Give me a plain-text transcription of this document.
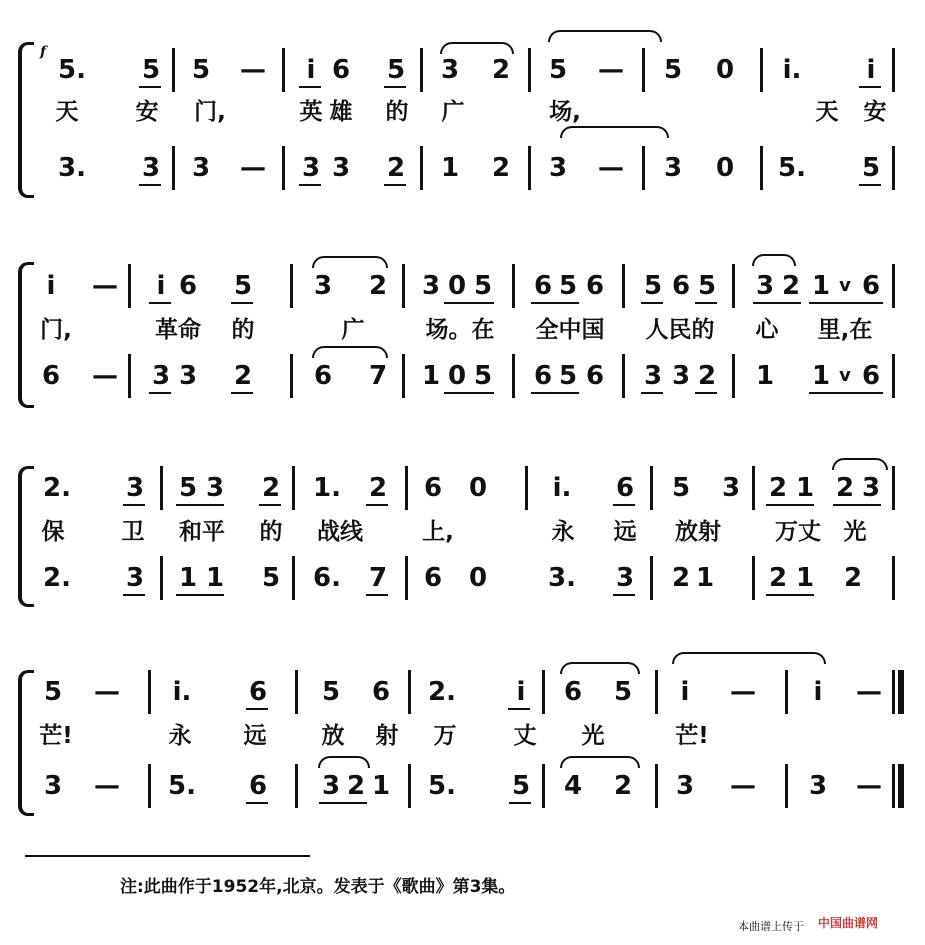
f
5. 5 5 —	i 6 5 3 2 5 — 5 0 i.	i
天 安 门,	英 雄 的 广	场,	天 安
3. 3 3 — 3 3 2 1 2 3 — 3 0 5. 5
i	—	i 6 5 3 2 3 0 5 6 5 6 5 6 5 3 2 1 v 6
门,	革命	的	广	场。在	全中国	人民的	心	里,在
6 — 3 3 2 6 7 1 0 5 6 5 6 3 3 2 1 1 v 6
2. 3 5 3 2 1. 2 6 0	i. 6 5 3 2 1 2 3
保 卫	和平	的	战线	上,	永 远	放射	万丈 光
2. 3 1 1 5 6. 7 6 0 3. 3 2 1 2 1 2
5 — i. 6 5 6 2.	i	6 5	i	—	i	—
芒!	永 远 放 射 万 丈 光	芒!
3 — 5. 6 3 2 1 5. 5 4 2 3 — 3 —
注:此曲作于1952年,北京。发表于《歌曲》第3集。
本曲谱上传于 中国曲谱网
